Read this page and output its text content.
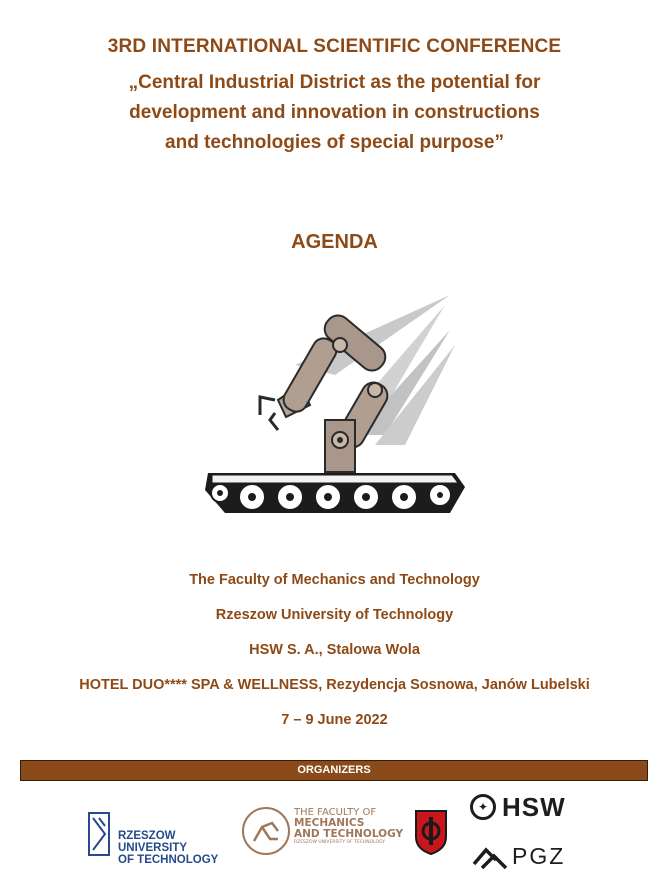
3RD INTERNATIONAL SCIENTIFIC CONFERENCE
„Central Industrial District as the potential for
development and innovation in constructions
and technologies of special purpose”
AGENDA
The Faculty of Mechanics and Technology
Rzeszow University of Technology
HSW S. A., Stalowa Wola
HOTEL DUO**** SPA & WELLNESS, Rezydencja Sosnowa, Janów Lubelski
7 – 9 June 2022
ORGANIZERS
RZESZOW UNIVERSITY
OF TECHNOLOGY
THE FACULTY OF
MECHANICS
AND TECHNOLOGY
RZESZOW UNIVERSITY OF TECHNOLOGY
✦ HSW
PGZ
